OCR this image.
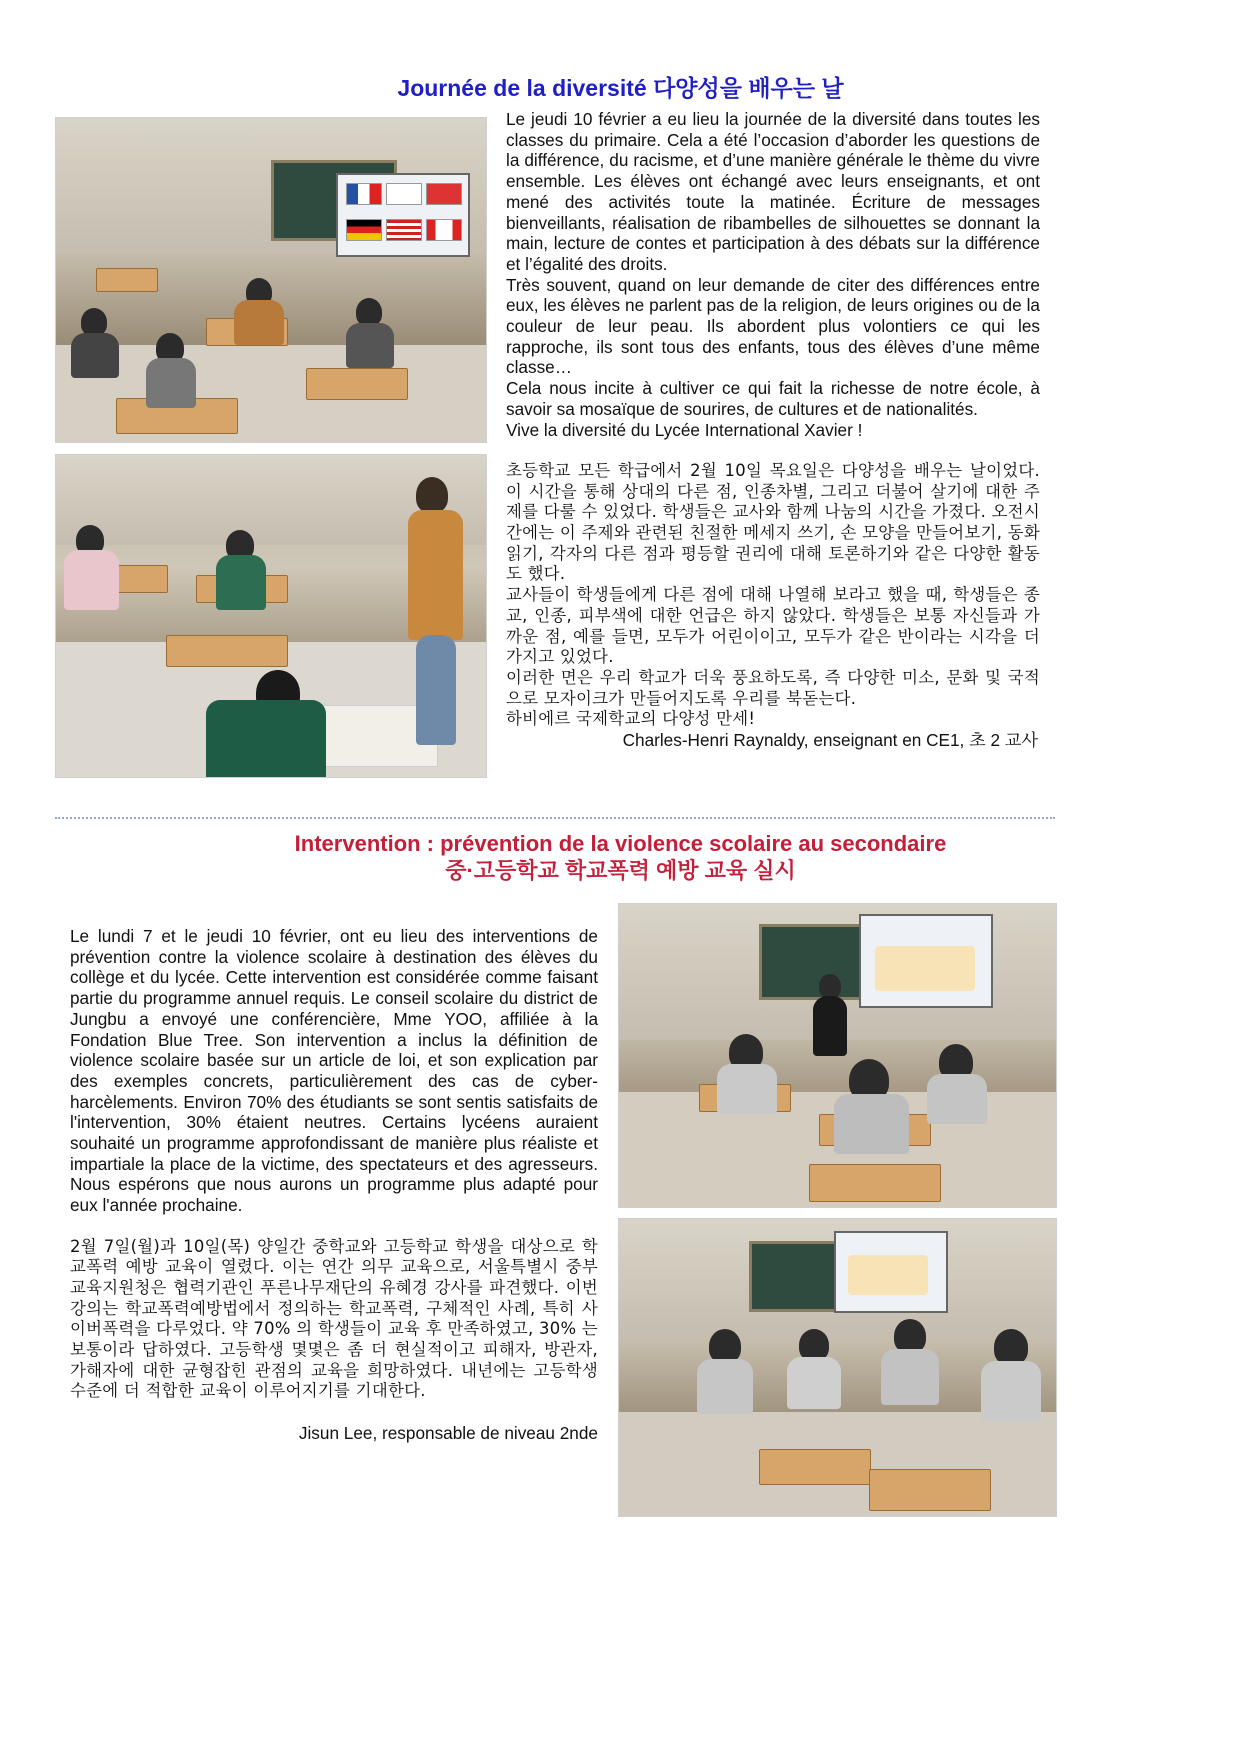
Journée de la diversité 다양성을 배우는 날

Le jeudi 10 février a eu lieu la journée de la diversité dans toutes les classes du primaire. Cela a été l’occasion d’aborder les questions de la différence, du racisme, et d’une manière générale le thème du vivre ensemble. Les élèves ont échangé avec leurs enseignants, et ont mené des activités toute la matinée. Écriture de messages bienveillants, réalisation de ribambelles de silhouettes se donnant la main, lecture de contes et participation à des débats sur la différence et l’égalité des droits.

Très souvent, quand on leur demande de citer des différences entre eux, les élèves ne parlent pas de la religion, de leurs origines ou de la couleur de leur peau. Ils abordent plus volontiers ce qui les rapproche, ils sont tous des enfants, tous des élèves d’une même classe…

Cela nous incite à cultiver ce qui fait la richesse de notre école, à savoir sa mosaïque de sourires, de cultures et de nationalités.

Vive la diversité du Lycée International Xavier !

초등학교 모든 학급에서 2월 10일 목요일은 다양성을 배우는 날이었다. 이 시간을 통해 상대의 다른 점, 인종차별, 그리고 더불어 살기에 대한 주제를 다룰 수 있었다. 학생들은 교사와 함께 나눔의 시간을 가졌다. 오전시간에는 이 주제와 관련된 친절한 메세지 쓰기, 손 모양을 만들어보기, 동화 읽기, 각자의 다른 점과 평등할 권리에 대해 토론하기와 같은 다양한 활동도 했다.

교사들이 학생들에게 다른 점에 대해 나열해 보라고 했을 때, 학생들은 종교, 인종, 피부색에 대한 언급은 하지 않았다. 학생들은 보통 자신들과 가까운 점, 예를 들면, 모두가 어린이이고, 모두가 같은 반이라는 시각을 더 가지고 있었다.

이러한 면은 우리 학교가 더욱 풍요하도록, 즉 다양한 미소, 문화 및 국적으로 모자이크가 만들어지도록 우리를 북돋는다.

하비에르 국제학교의 다양성 만세!

Charles-Henri Raynaldy, enseignant en CE1, 초 2 교사

Intervention : prévention de la violence scolaire au secondaire
중·고등학교 학교폭력 예방 교육 실시

Le lundi 7 et le jeudi 10 février, ont eu lieu des interventions de prévention contre la violence scolaire à destination des élèves du collège et du lycée. Cette intervention est considérée comme faisant partie du programme annuel requis. Le conseil scolaire du district de Jungbu a envoyé une conférencière, Mme YOO, affiliée à la Fondation Blue Tree. Son intervention a inclus la définition de violence scolaire basée sur un article de loi, et son explication par des exemples concrets, particulièrement des cas de cyber-harcèlements. Environ 70% des étudiants se sont sentis satisfaits de l'intervention, 30% étaient neutres. Certains lycéens auraient souhaité un programme approfondissant de manière plus réaliste et impartiale la place de la victime, des spectateurs et des agresseurs. Nous espérons que nous aurons un programme plus adapté pour eux l'année prochaine.

2월 7일(월)과 10일(목) 양일간 중학교와 고등학교 학생을 대상으로 학교폭력 예방 교육이 열렸다. 이는 연간 의무 교육으로, 서울특별시 중부교육지원청은 협력기관인 푸른나무재단의 유혜경 강사를 파견했다. 이번 강의는 학교폭력예방법에서 정의하는 학교폭력, 구체적인 사례, 특히 사이버폭력을 다루었다. 약 70% 의 학생들이 교육 후 만족하였고, 30% 는 보통이라 답하였다. 고등학생 몇몇은 좀 더 현실적이고 피해자, 방관자, 가해자에 대한 균형잡힌 관점의 교육을 희망하였다. 내년에는 고등학생 수준에 더 적합한 교육이 이루어지기를 기대한다.

Jisun Lee, responsable de niveau 2nde
